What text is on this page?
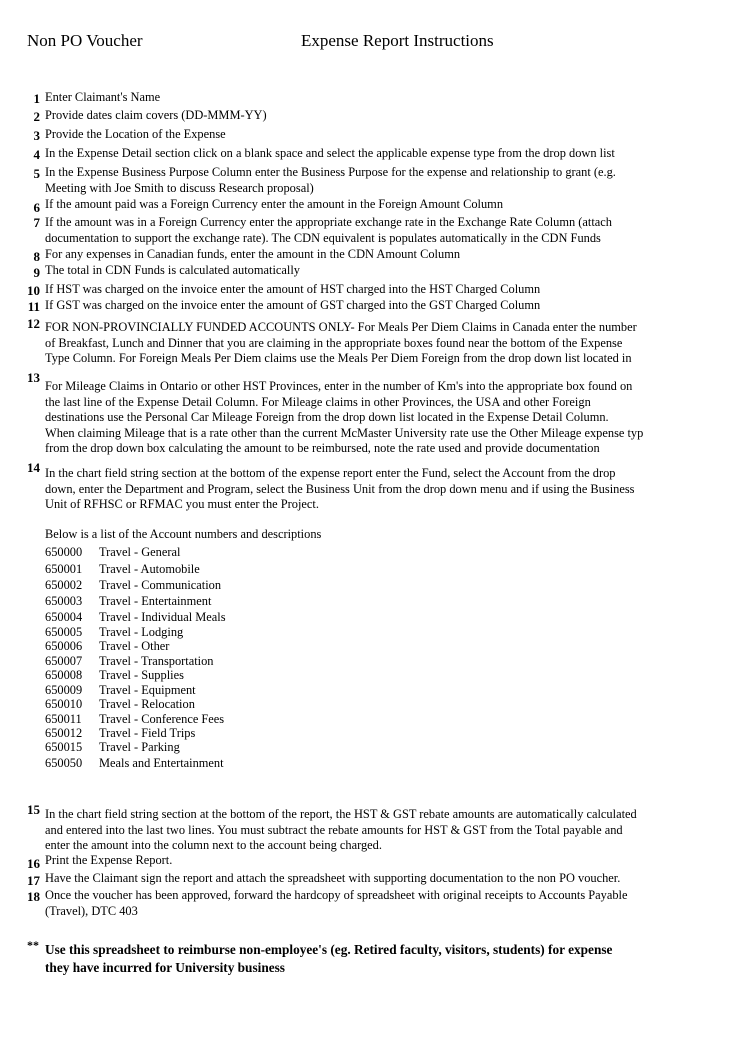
Non PO Voucher	Expense Report Instructions
1 Enter Claimant's Name
2 Provide dates claim covers (DD-MMM-YY)
3 Provide the Location of the Expense
4 In the Expense Detail section click on a blank space and select the applicable expense type from the drop down list
5 In the Expense Business Purpose Column enter the Business Purpose for the expense and relationship to grant (e.g.
Meeting with Joe Smith to discuss Research proposal)
6 If the amount paid was a Foreign Currency enter the amount in the Foreign Amount Column
7 If the amount was in a Foreign Currency enter the appropriate exchange rate in the Exchange Rate Column (attach
documentation to support the exchange rate). The CDN equivalent is populates automatically in the CDN Funds
8 For any expenses in Canadian funds, enter the amount in the CDN Amount Column
9 The total in CDN Funds is calculated automatically
10 If HST was charged on the invoice enter the amount of HST charged into the HST Charged Column
11 If GST was charged on the invoice enter the amount of GST charged into the GST Charged Column
12 FOR NON-PROVINCIALLY FUNDED ACCOUNTS ONLY- For Meals Per Diem Claims in Canada enter the number
of Breakfast, Lunch and Dinner that you are claiming in the appropriate boxes found near the bottom of the Expense
Type Column. For Foreign Meals Per Diem claims use the Meals Per Diem Foreign from the drop down list located in
13
For Mileage Claims in Ontario or other HST Provinces, enter in the number of Km's into the appropriate box found on
the last line of the Expense Detail Column. For Mileage claims in other Provinces, the USA and other Foreign
destinations use the Personal Car Mileage Foreign from the drop down list located in the Expense Detail Column.
When claiming Mileage that is a rate other than the current McMaster University rate use the Other Mileage expense typ
from the drop down box calculating the amount to be reimbursed, note the rate used and provide documentation
14 In the chart field string section at the bottom of the expense report enter the Fund, select the Account from the drop
down, enter the Department and Program, select the Business Unit from the drop down menu and if using the Business
Unit of RFHSC or RFMAC you must enter the Project.
Below is a list of the Account numbers and descriptions
650000 Travel - General
650001 Travel - Automobile
650002 Travel - Communication
650003 Travel - Entertainment
650004 Travel - Individual Meals
650005 Travel - Lodging
650006 Travel - Other
650007 Travel - Transportation
650008 Travel - Supplies
650009 Travel - Equipment
650010 Travel - Relocation
650011 Travel - Conference Fees
650012 Travel - Field Trips
650015 Travel - Parking
650050 Meals and Entertainment
15 In the chart field string section at the bottom of the report, the HST & GST rebate amounts are automatically calculated
and entered into the last two lines. You must subtract the rebate amounts for HST & GST from the Total payable and
enter the amount into the column next to the account being charged.
16 Print the Expense Report.
17 Have the Claimant sign the report and attach the spreadsheet with supporting documentation to the non PO voucher.
18 Once the voucher has been approved, forward the hardcopy of spreadsheet with original receipts to Accounts Payable
(Travel), DTC 403
** Use this spreadsheet to reimburse non-employee's (eg. Retired faculty, visitors, students) for expense
they have incurred for University business
